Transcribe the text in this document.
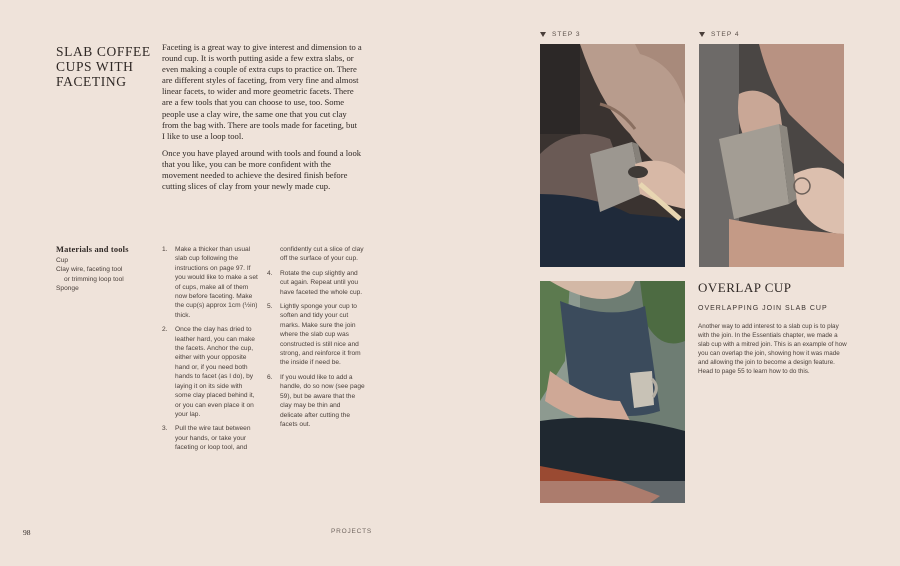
SLAB COFFEE CUPS WITH FACETING

Faceting is a great way to give interest and dimension to a round cup. It is worth putting aside a few extra slabs, or even making a couple of extra cups to practice on. There are different styles of faceting, from very fine and almost linear facets, to wider and more geometric facets. There are a few tools that you can choose to use, too. Some people use a clay wire, the same one that you cut clay from the bag with. There are tools made for faceting, but I like to use a loop tool.

Once you have played around with tools and found a look that you like, you can be more confident with the movement needed to achieve the desired finish before cutting slices of clay from your newly made cup.

Materials and tools
Cup
Clay wire, faceting tool
or trimming loop tool
Sponge
1. Make a thicker than usual slab cup following the instructions on page 97. If you would like to make a set of cups, make all of them now before faceting. Make the cup(s) approx 1cm (½in) thick.
2. Once the clay has dried to leather hard, you can make the facets. Anchor the cup, either with your opposite hand or, if you need both hands to facet (as I do), by laying it on its side with some clay placed behind it, or you can even place it on your lap.
3. Pull the wire taut between your hands, or take your faceting or loop tool, and
confidently cut a slice of clay off the surface of your cup.
4. Rotate the cup slightly and cut again. Repeat until you have faceted the whole cup.
5. Lightly sponge your cup to soften and tidy your cut marks. Make sure the join where the slab cup was constructed is still nice and strong, and reinforce it from the inside if need be.
6. If you would like to add a handle, do so now (see page 59), but be aware that the clay may be thin and delicate after cutting the facets out.
98	PROJECTS
STEP 3	STEP 4
OVERLAP CUP
OVERLAPPING JOIN SLAB CUP
Another way to add interest to a slab cup is to play with the join. In the Essentials chapter, we made a slab cup with a mitred join. This is an example of how you can overlap the join, showing how it was made and allowing the join to become a design feature. Head to page 55 to learn how to do this.
